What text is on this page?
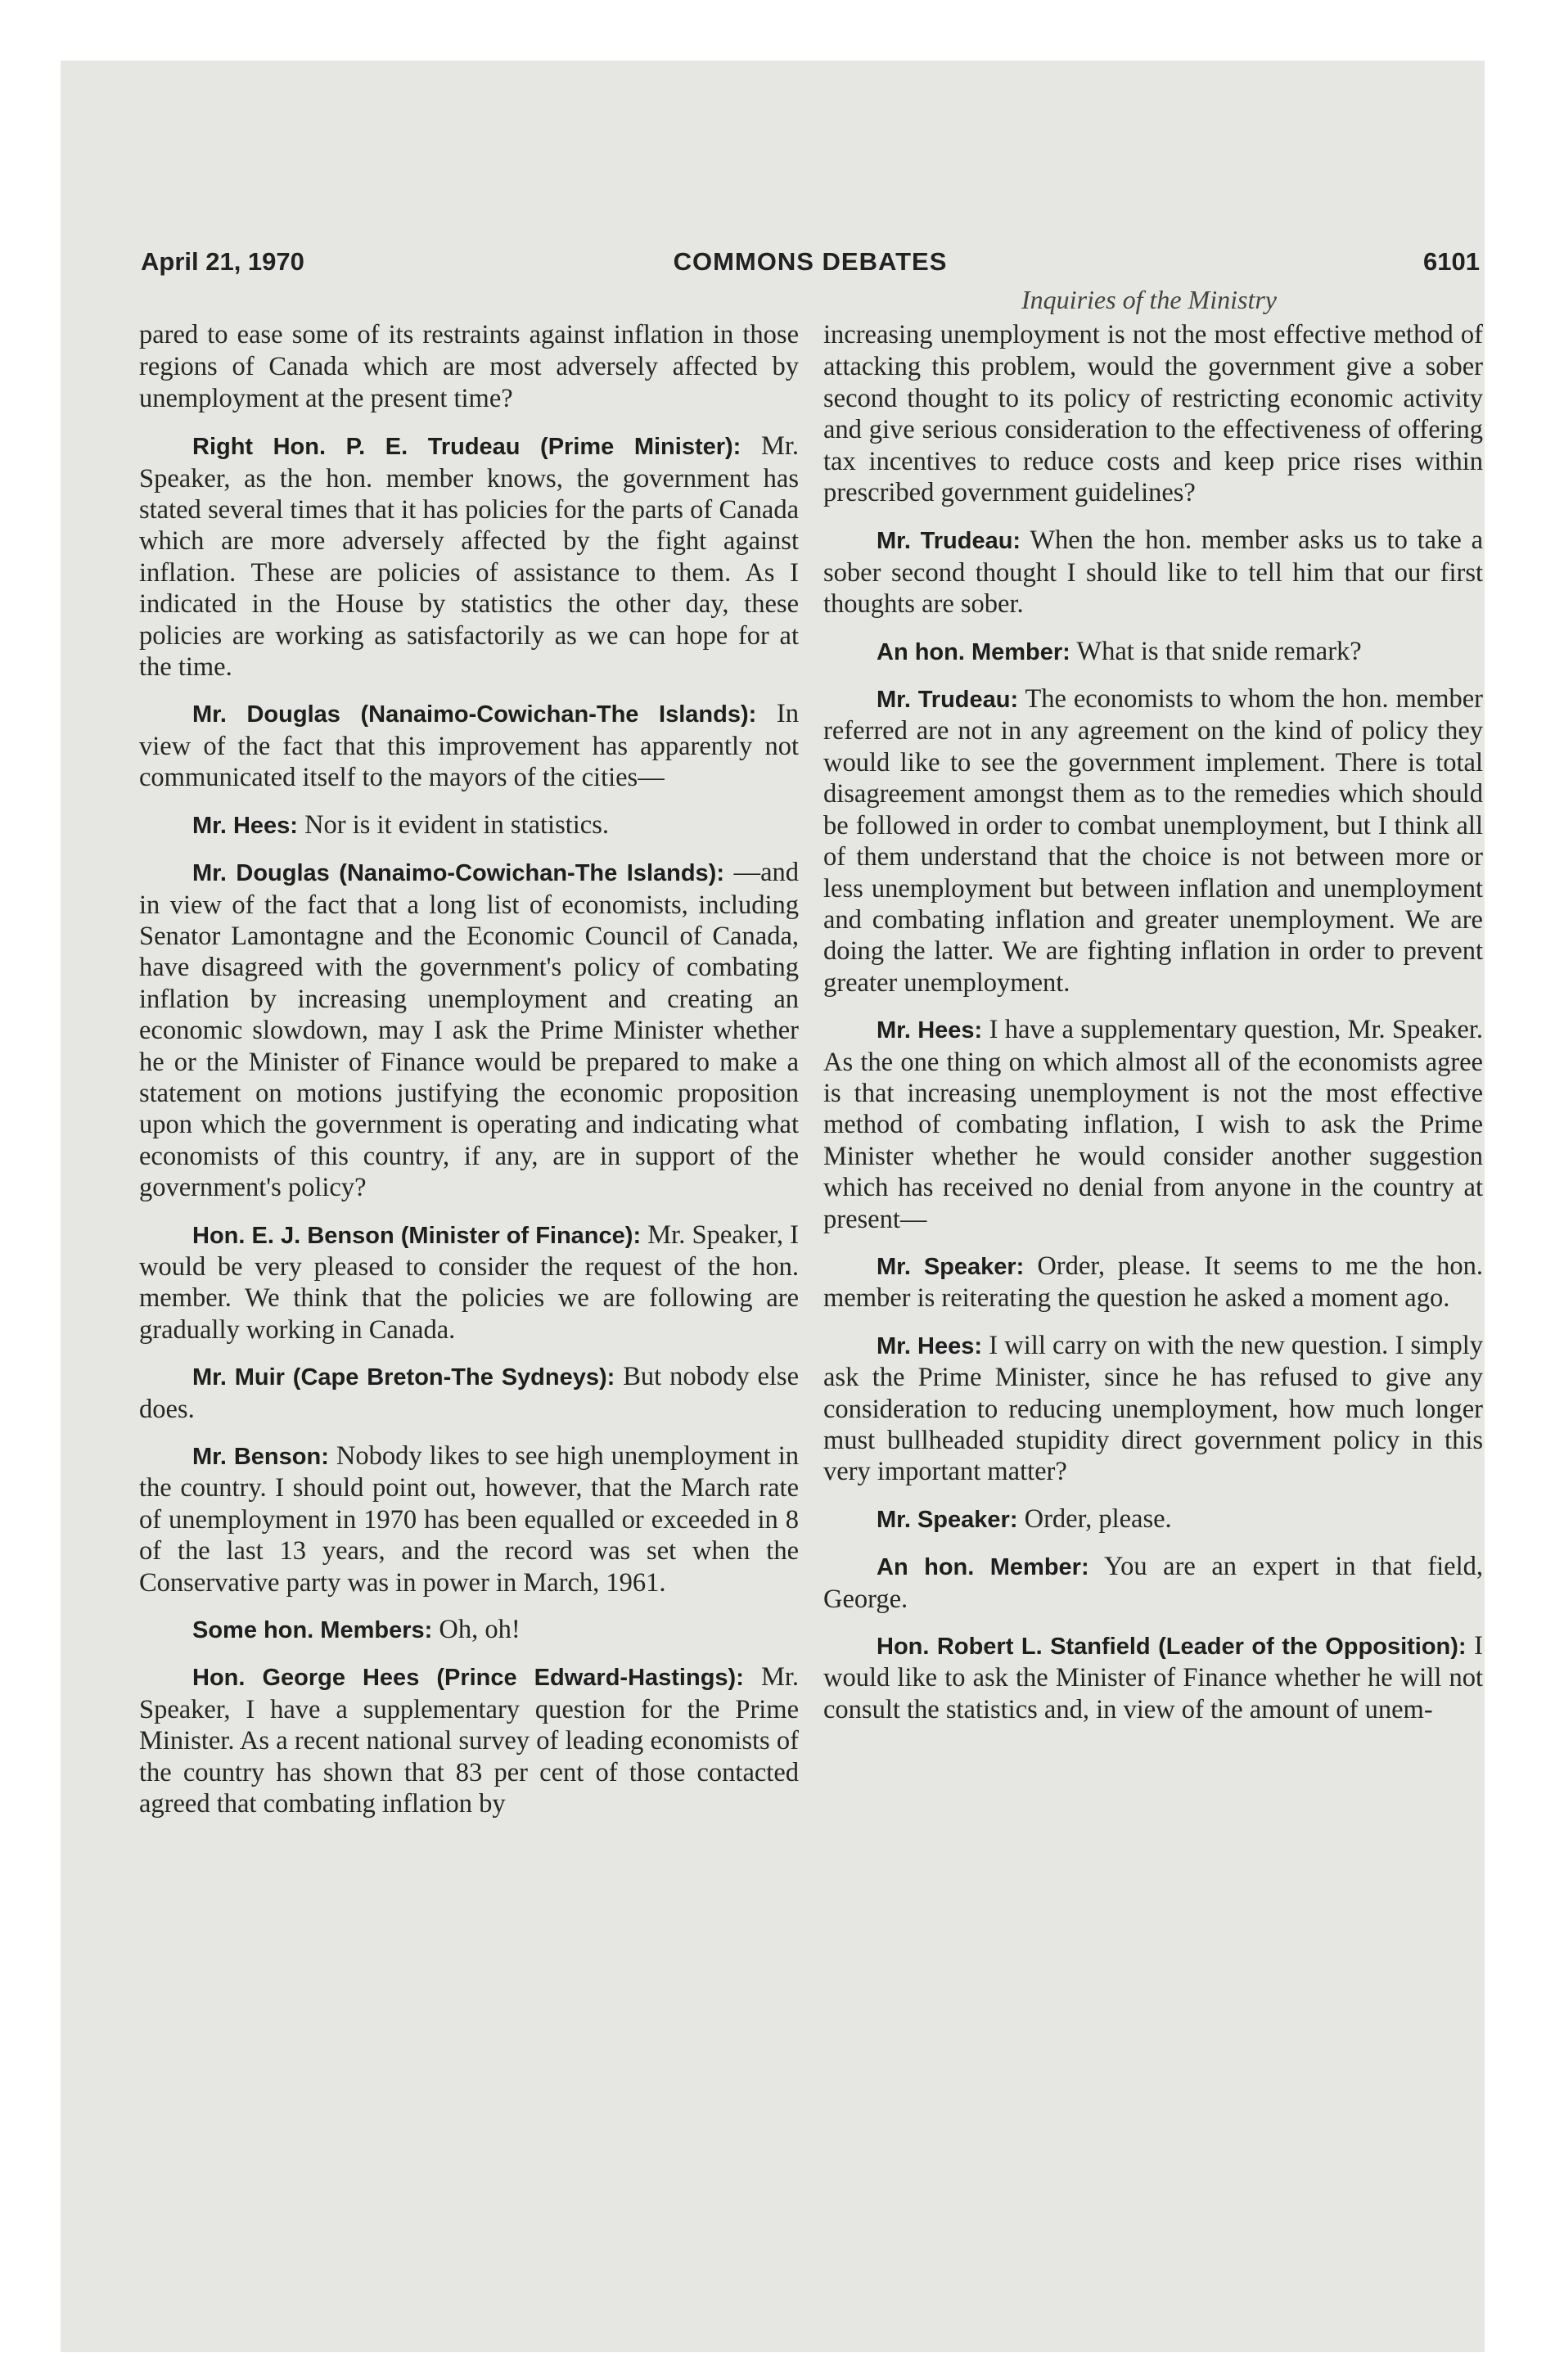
April 21, 1970	COMMONS DEBATES	6101
Inquiries of the Ministry

pared to ease some of its restraints against inflation in those regions of Canada which are most adversely affected by unemployment at the present time?

Right Hon. P. E. Trudeau (Prime Minister): Mr. Speaker, as the hon. member knows, the government has stated several times that it has policies for the parts of Canada which are more adversely affected by the fight against inflation. These are policies of assistance to them. As I indicated in the House by statistics the other day, these policies are working as satisfactorily as we can hope for at the time.

Mr. Douglas (Nanaimo-Cowichan-The Islands): In view of the fact that this improvement has apparently not communicated itself to the mayors of the cities—

Mr. Hees: Nor is it evident in statistics.

Mr. Douglas (Nanaimo-Cowichan-The Islands): —and in view of the fact that a long list of economists, including Senator Lamontagne and the Economic Council of Canada, have disagreed with the government's policy of combating inflation by increasing unemployment and creating an economic slowdown, may I ask the Prime Minister whether he or the Minister of Finance would be prepared to make a statement on motions justifying the economic proposition upon which the government is operating and indicating what economists of this country, if any, are in support of the government's policy?

Hon. E. J. Benson (Minister of Finance): Mr. Speaker, I would be very pleased to consider the request of the hon. member. We think that the policies we are following are gradually working in Canada.

Mr. Muir (Cape Breton-The Sydneys): But nobody else does.

Mr. Benson: Nobody likes to see high unemployment in the country. I should point out, however, that the March rate of unemployment in 1970 has been equalled or exceeded in 8 of the last 13 years, and the record was set when the Conservative party was in power in March, 1961.

Some hon. Members: Oh, oh!

Hon. George Hees (Prince Edward-Hastings): Mr. Speaker, I have a supplementary question for the Prime Minister. As a recent national survey of leading economists of the country has shown that 83 per cent of those contacted agreed that combating inflation by

increasing unemployment is not the most effective method of attacking this problem, would the government give a sober second thought to its policy of restricting economic activity and give serious consideration to the effectiveness of offering tax incentives to reduce costs and keep price rises within prescribed government guidelines?

Mr. Trudeau: When the hon. member asks us to take a sober second thought I should like to tell him that our first thoughts are sober.

An hon. Member: What is that snide remark?

Mr. Trudeau: The economists to whom the hon. member referred are not in any agreement on the kind of policy they would like to see the government implement. There is total disagreement amongst them as to the remedies which should be followed in order to combat unemployment, but I think all of them understand that the choice is not between more or less unemployment but between inflation and unemployment and combating inflation and greater unemployment. We are doing the latter. We are fighting inflation in order to prevent greater unemployment.

Mr. Hees: I have a supplementary question, Mr. Speaker. As the one thing on which almost all of the economists agree is that increasing unemployment is not the most effective method of combating inflation, I wish to ask the Prime Minister whether he would consider another suggestion which has received no denial from anyone in the country at present—

Mr. Speaker: Order, please. It seems to me the hon. member is reiterating the question he asked a moment ago.

Mr. Hees: I will carry on with the new question. I simply ask the Prime Minister, since he has refused to give any consideration to reducing unemployment, how much longer must bullheaded stupidity direct government policy in this very important matter?

Mr. Speaker: Order, please.

An hon. Member: You are an expert in that field, George.

Hon. Robert L. Stanfield (Leader of the Opposition): I would like to ask the Minister of Finance whether he will not consult the statistics and, in view of the amount of unem-
